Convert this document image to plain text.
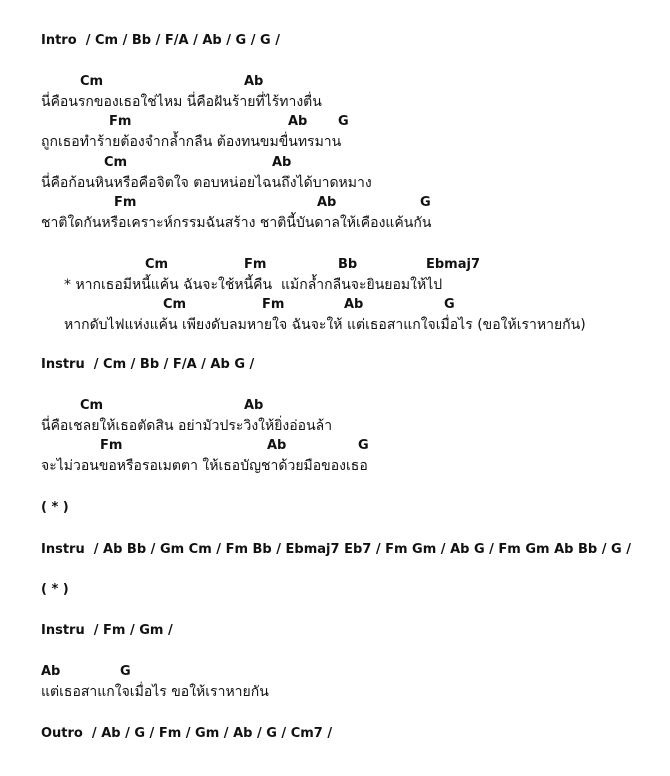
Intro  / Cm / Bb / F/A / Ab / G / G /
Cm	Ab
นี่คือนรกของเธอใช่ไหม นี่คือฝันร้ายที่ไร้ทางตื่น
Fm	Ab G
ถูกเธอทำร้ายต้องจำกล้ำกลืน ต้องทนขมขื่นทรมาน
Cm	Ab
นี่คือก้อนหินหรือคือจิตใจ ตอบหน่อยไฉนถึงได้บาดหมาง
Fm	Ab	G
ชาติใดกันหรือเคราะห์กรรมฉันสร้าง ชาตินี้บันดาลให้เคืองแค้นกัน
Cm	Fm	Bb	Ebmaj7
* หากเธอมีหนี้แค้น ฉันจะใช้หนี้คืน  แม้กล้ำกลืนจะยินยอมให้ไป
Cm	Fm	Ab	G
หากดับไฟแห่งแค้น เพียงดับลมหายใจ ฉันจะให้ แต่เธอสาแกใจเมื่อไร (ขอให้เราหายกัน)
Instru  / Cm / Bb / F/A / Ab G /
Cm	Ab
นี่คือเชลยให้เธอตัดสิน อย่ามัวประวิงให้ยิ่งอ่อนล้า
Fm	Ab	G
จะไม่วอนขอหรือรอเมตตา ให้เธอบัญชาด้วยมือของเธอ
( * )
Instru  / Ab Bb / Gm Cm / Fm Bb / Ebmaj7 Eb7 / Fm Gm / Ab G / Fm Gm Ab Bb / G /
( * )
Instru  / Fm / Gm /
Ab	G
แต่เธอสาแกใจเมื่อไร ขอให้เราหายกัน
Outro  / Ab / G / Fm / Gm / Ab / G / Cm7 /
